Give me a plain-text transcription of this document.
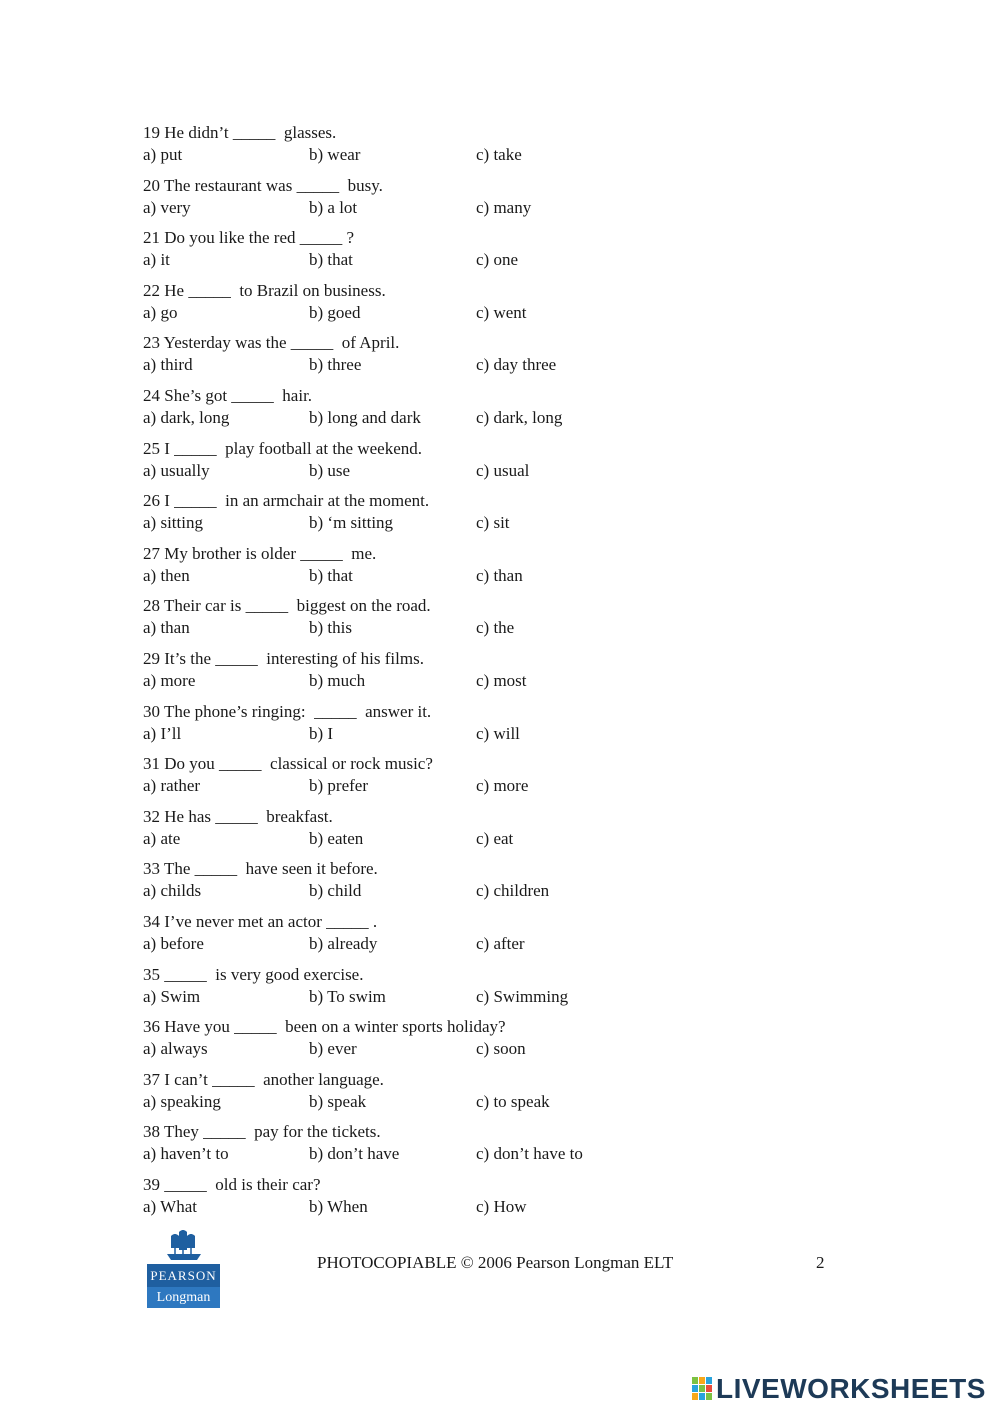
19 He didn’t _____  glasses.
a) put	b) wear	c) take
20 The restaurant was _____  busy.
a) very	b) a lot	c) many
21 Do you like the red _____ ?
a) it	b) that	c) one
22 He _____  to Brazil on business.
a) go	b) goed	c) went
23 Yesterday was the _____  of April.
a) third	b) three	c) day three
24 She’s got _____  hair.
a) dark, long	b) long and dark	c) dark, long
25 I _____  play football at the weekend.
a) usually	b) use	c) usual
26 I _____  in an armchair at the moment.
a) sitting	b) ‘m sitting	c) sit
27 My brother is older _____  me.
a) then	b) that	c) than
28 Their car is _____  biggest on the road.
a) than	b) this	c) the
29 It’s the _____  interesting of his films.
a) more	b) much	c) most
30 The phone’s ringing:  _____  answer it.
a) I’ll	b) I	c) will
31 Do you _____  classical or rock music?
a) rather	b) prefer	c) more
32 He has _____  breakfast.
a) ate	b) eaten	c) eat
33 The _____  have seen it before.
a) childs	b) child	c) children
34 I’ve never met an actor _____ .
a) before	b) already	c) after
35 _____  is very good exercise.
a) Swim	b) To swim	c) Swimming
36 Have you _____  been on a winter sports holiday?
a) always	b) ever	c) soon
37 I can’t _____  another language.
a) speaking	b) speak	c) to speak
38 They _____  pay for the tickets.
a) haven’t to	b) don’t have	c) don’t have to
39 _____  old is their car?
a) What	b) When	c) How
PEARSON
Longman
PHOTOCOPIABLE © 2006 Pearson Longman ELT	2
LIVEWORKSHEETS
